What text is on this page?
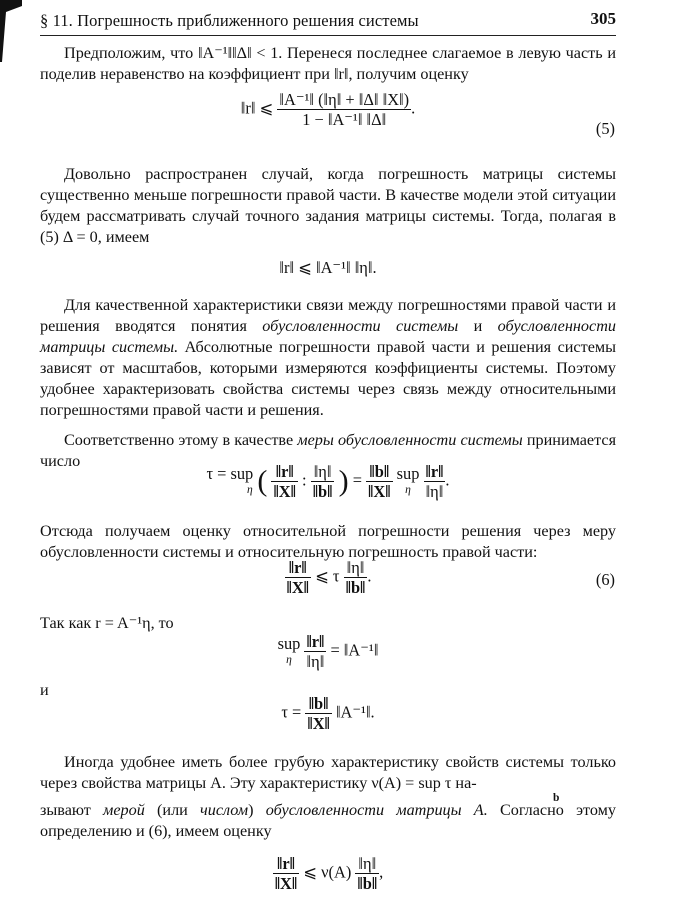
§ 11. Погрешность приближенного решения системы	305
Предположим, что ‖A⁻¹‖‖Δ‖ < 1. Перенеся последнее слагаемое в левую часть и поделив неравенство на коэффициент при ‖r‖, получим оценку
‖r‖ ⩽ $\frac{\text{‖A⁻¹‖ (‖η‖ + ‖Δ‖ ‖X‖)}}{\text{1 − ‖A⁻¹‖ ‖Δ‖}}$ .
(5)
Довольно распространен случай, когда погрешность матрицы системы существенно меньше погрешности правой части. В качестве модели этой ситуации будем рассматривать случай точного задания матрицы системы. Тогда, полагая в (5) Δ = 0, имеем
‖r‖ ⩽ ‖A⁻¹‖ ‖η‖.
Для качественной характеристики связи между погрешностями правой части и решения вводятся понятия обусловленности системы и обусловленности матрицы системы. Абсолютные погрешности правой части и решения системы зависят от масштабов, которыми измеряются коэффициенты системы. Поэтому удобнее характеризовать свойства системы через связь между относительными погрешностями правой части и решения.
Соответственно этому в качестве меры обусловленности системы принимается число
τ = sup
η ( $\frac{‖r‖}{‖X‖}$ : $\frac{‖\eta‖}{‖b‖}$ ) = $\frac{‖b‖}{‖X‖}$ sup
η
$\frac{‖r‖}{‖\eta‖}$ .
Отсюда получаем оценку относительной погрешности решения через меру обусловленности системы и относительную погрешность правой части:
$\frac{‖r‖}{‖X‖}$ ⩽ τ $\frac{‖\eta‖}{‖b‖}$ .	(6)
Так как r = A⁻¹η, то
sup
η
$\frac{‖r‖}{‖\eta‖}$ = ‖A⁻¹‖
и
$\tau = \frac{‖b‖}{‖X‖}$ ‖A⁻¹‖.
Иногда удобнее иметь более грубую характеристику свойств системы только через свойства матрицы A. Эту характеристику ν(A) = sup τ на-
b
зывают мерой (или числом) обусловленности матрицы A. Согласно этому определению и (6), имеем оценку
$\frac{‖r‖}{‖X‖}$ ⩽ $\nu(A) \frac{‖\eta‖}{‖b‖}$ ,
